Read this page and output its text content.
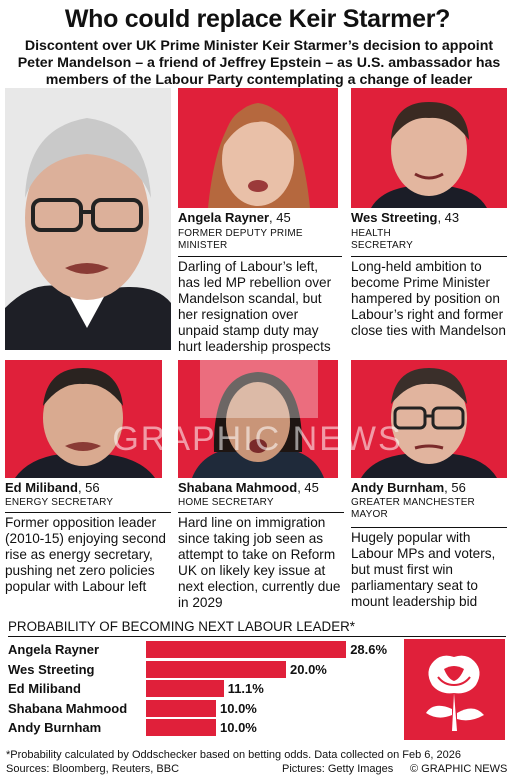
Who could replace Keir Starmer?
Discontent over UK Prime Minister Keir Starmer’s decision to appoint Peter Mandelson – a friend of Jeffrey Epstein – as U.S. ambassador has members of the Labour Party contemplating a change of leader
Angela Rayner, 45
FORMER DEPUTY PRIME MINISTER
Darling of Labour’s left, has led MP rebellion over Mandelson scandal, but her resignation over unpaid stamp duty may hurt leadership prospects
Wes Streeting, 43
HEALTH SECRETARY
Long-held ambition to become Prime Minister hampered by position on Labour’s right and former close ties with Mandelson
Ed Miliband, 56
ENERGY SECRETARY
Former opposition leader (2010-15) enjoying second rise as energy secretary, pushing net zero policies popular with Labour left
Shabana Mahmood, 45
HOME SECRETARY
Hard line on immigration since taking job seen as attempt to take on Reform UK on likely key issue at next election, currently due in 2029
Andy Burnham, 56
GREATER MANCHESTER MAYOR
Hugely popular with Labour MPs and voters, but must first win parliamentary seat to mount leadership bid
GRAPHIC NEWS
PROBABILITY OF BECOMING NEXT LABOUR LEADER*
Angela Rayner	28.6%
Wes Streeting	20.0%
Ed Miliband	11.1%
Shabana Mahmood	10.0%
Andy Burnham	10.0%
*Probability calculated by Oddschecker based on betting odds. Data collected on Feb 6, 2026
Sources: Bloomberg, Reuters, BBC	Pictures: Getty Images © GRAPHIC NEWS
